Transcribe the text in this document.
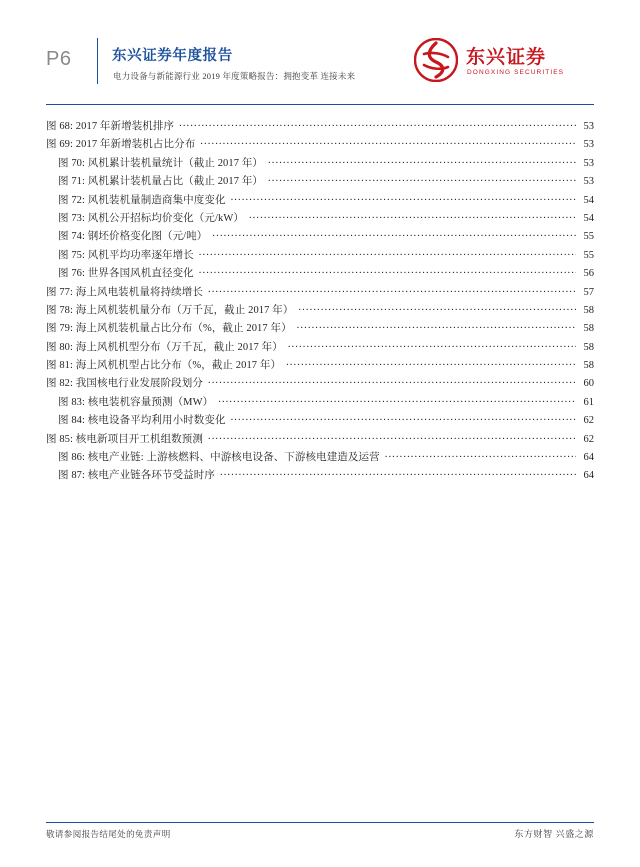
P6	东兴证券年度报告
电力设备与新能源行业 2019 年度策略报告：拥抱变革 连接未来
东兴证券
DONGXING SECURITIES
图 68: 2017 年新增装机排序 .....	53
图 69: 2017 年新增装机占比分布 .....	53
图 70: 风机累计装机量统计（截止 2017 年） .....	53
图 71: 风机累计装机量占比（截止 2017 年） .....	53
图 72: 风机装机量制造商集中度变化 .....	54
图 73: 风机公开招标均价变化（元/kW） .....	54
图 74: 钢坯价格变化图（元/吨） .....	55
图 75: 风机平均功率逐年增长 .....	55
图 76: 世界各国风机直径变化 .....	56
图 77: 海上风电装机量将持续增长 .....	57
图 78: 海上风机装机量分布（万千瓦，截止 2017 年） .....	58
图 79: 海上风机装机量占比分布（%，截止 2017 年） .....	58
图 80: 海上风机机型分布（万千瓦，截止 2017 年） .....	58
图 81: 海上风机机型占比分布（%，截止 2017 年） .....	58
图 82: 我国核电行业发展阶段划分 .....	60
图 83: 核电装机容量预测（MW） .....	61
图 84: 核电设备平均利用小时数变化 .....	62
图 85: 核电新项目开工机组数预测 .....	62
图 86: 核电产业链: 上游核燃料、中游核电设备、下游核电建造及运营 .....	64
图 87: 核电产业链各环节受益时序 .....	64
敬请参阅报告结尾处的免责声明	东方财智 兴盛之源
